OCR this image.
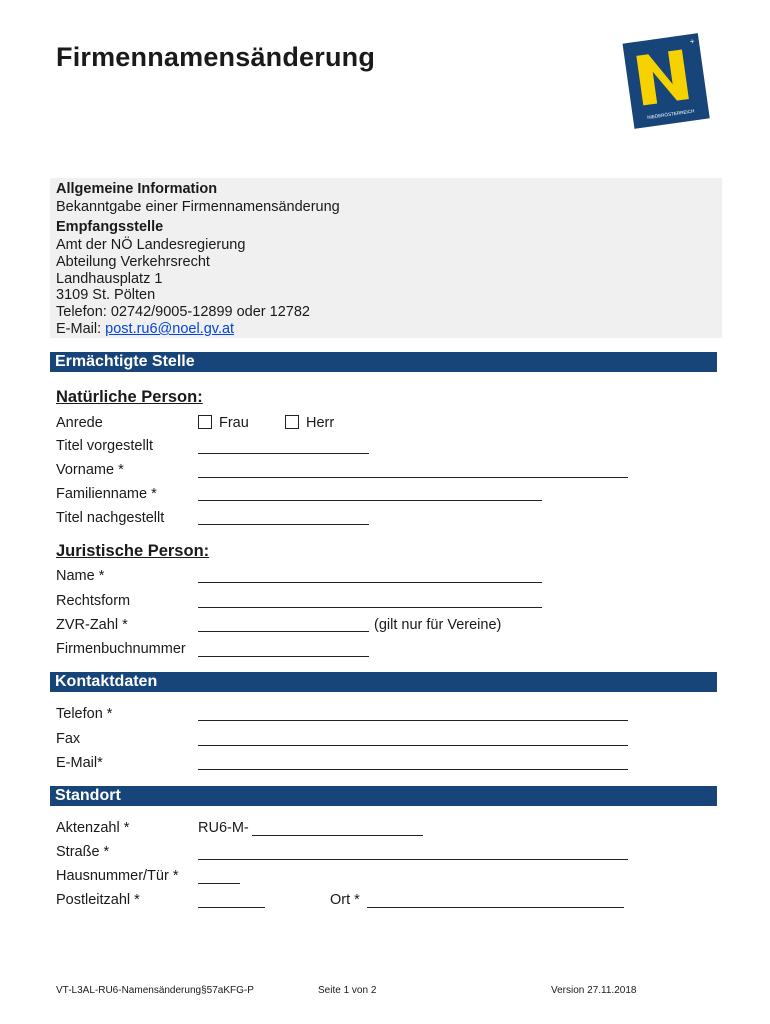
Firmennamensänderung
+
NIEDERÖSTERREICH
Allgemeine Information
Bekanntgabe einer Firmennamensänderung
Empfangsstelle
Amt der NÖ Landesregierung
Abteilung Verkehrsrecht
Landhausplatz 1
3109 St. Pölten
Telefon: 02742/9005-12899 oder 12782
E-Mail: post.ru6@noel.gv.at
Ermächtigte Stelle
Natürliche Person:
Anrede	Frau	Herr
Titel vorgestellt
Vorname *
Familienname *
Titel nachgestellt
Juristische Person:
Name *
Rechtsform
ZVR-Zahl *	(gilt nur für Vereine)
Firmenbuchnummer
Kontaktdaten
Telefon *
Fax
E-Mail*
Standort
Aktenzahl *	RU6-M-
Straße *
Hausnummer/Tür *
Postleitzahl *	Ort *
VT-L3AL-RU6-Namensänderung§57aKFG-P	Seite 1 von 2	Version 27.11.2018
